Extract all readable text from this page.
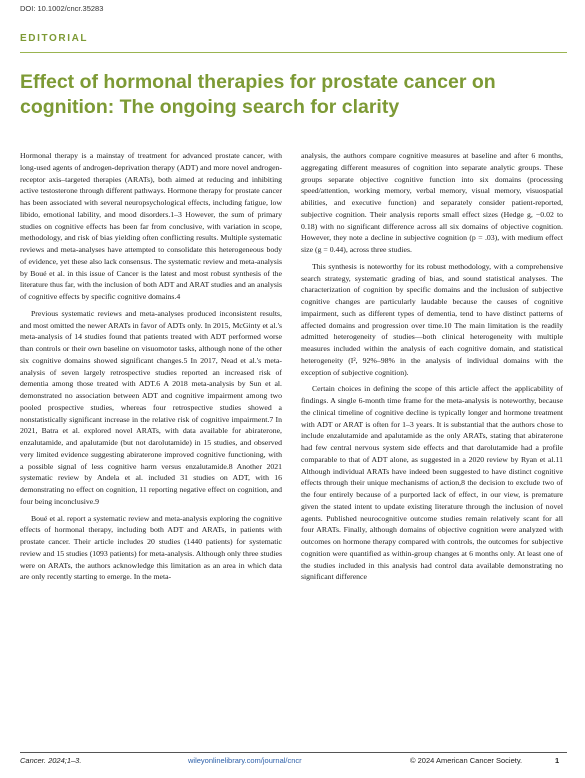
DOI: 10.1002/cncr.35283
EDITORIAL
Effect of hormonal therapies for prostate cancer on cognition: The ongoing search for clarity

Hormonal therapy is a mainstay of treatment for advanced prostate cancer, with long-used agents of androgen-deprivation therapy (ADT) and more novel androgen-receptor axis–targeted therapies (ARATs), both aimed at reducing and inhibiting active testosterone through different pathways. Hormone therapy for prostate cancer has been associated with several neuropsychological effects, including fatigue, low libido, emotional lability, and mood disorders.1–3 However, the sum of primary studies on cognitive effects has been far from conclusive, with variation in scope, methodology, and risk of bias yielding often conflicting results. Multiple systematic reviews and meta-analyses have attempted to consolidate this heterogeneous body of evidence, yet these also lack consensus. The systematic review and meta-analysis by Boué et al. in this issue of Cancer is the latest and most robust synthesis of the literature thus far, with the inclusion of both ADT and ARAT studies and an analysis of cognitive effects by specific cognitive domains.4

Previous systematic reviews and meta-analyses produced inconsistent results, and most omitted the newer ARATs in favor of ADTs only. In 2015, McGinty et al.'s meta-analysis of 14 studies found that patients treated with ADT performed worse than controls or their own baseline on visuomotor tasks, although none of the other six cognitive domains showed significant changes.5 In 2017, Nead et al.'s meta-analysis of seven largely retrospective studies reported an increased risk of dementia among those treated with ADT.6 A 2018 meta-analysis by Sun et al. demonstrated no association between ADT and cognitive impairment among two pooled prospective studies, whereas four retrospective studies showed a nonstatistically significant increase in the relative risk of cognitive impairment.7 In 2021, Batra et al. explored novel ARATs, with data available for abiraterone, enzalutamide, and apalutamide (but not darolutamide) in 15 studies, and observed very limited evidence suggesting abiraterone improved cognitive functioning, with a possible signal of less cognitive harm versus enzalutamide.8 Another 2021 systematic review by Andela et al. included 31 studies on ADT, with 16 demonstrating no effect on cognition, 11 reporting negative effect on cognition, and four being inconclusive.9

Boué et al. report a systematic review and meta-analysis exploring the cognitive effects of hormonal therapy, including both ADT and ARATs, in patients with prostate cancer. Their article includes 20 studies (1440 patients) for systematic review and 15 studies (1093 patients) for meta-analysis. Although only three studies were on ARATs, the authors acknowledge this limitation as an area in which data are only recently starting to emerge. In the meta-

analysis, the authors compare cognitive measures at baseline and after 6 months, aggregating different measures of cognition into separate analytic groups. These groups separate objective cognitive function into six domains (processing speed/attention, working memory, verbal memory, visual memory, visuospatial abilities, and executive function) and separately consider patient-reported, subjective cognition. Their analysis reports small effect sizes (Hedge g, −0.02 to 0.18) with no significant difference across all six domains of objective cognition. However, they note a decline in subjective cognition (p = .03), with medium effect size (g = 0.44), across three studies.

This synthesis is noteworthy for its robust methodology, with a comprehensive search strategy, systematic grading of bias, and sound statistical analyses. The characterization of cognition by specific domains and the inclusion of subjective cognitive changes are particularly laudable because the causes of cognitive impairment, such as different types of dementia, tend to have distinct patterns of affected domains and progression over time.10 The main limitation is the readily admitted heterogeneity of studies—both clinical heterogeneity with multiple measures included within the analysis of each cognitive domain, and statistical heterogeneity (I², 92%–98% in the analysis of individual domains with the exception of subjective cognition).

Certain choices in defining the scope of this article affect the applicability of findings. A single 6-month time frame for the meta-analysis is noteworthy, because the clinical timeline of cognitive decline is typically longer and hormone treatment with ADT or ARAT is often for 1–3 years. It is substantial that the authors chose to include enzalutamide and apalutamide as the only ARATs, stating that abiraterone had few central nervous system side effects and that darolutamide had a profile comparable to that of ADT alone, as suggested in a 2020 review by Ryan et al.11 Although individual ARATs have indeed been suggested to have distinct cognitive effects through their unique mechanisms of action,8 the decision to exclude two of the four entirely because of a purported lack of effect, in our view, is premature given the stated intent to update existing literature through the inclusion of novel agents. Published neurocognitive outcome studies remain relatively scant for all four ARATs. Finally, although domains of objective cognition were analyzed with outcomes on hormone therapy compared with controls, the outcomes for subjective cognition were quantified as within-group changes at 6 months only. At least one of the studies included in this analysis had control data available demonstrating no significant difference

Cancer. 2024;1–3.	wileyonlinelibrary.com/journal/cncr	© 2024 American Cancer Society.	1
